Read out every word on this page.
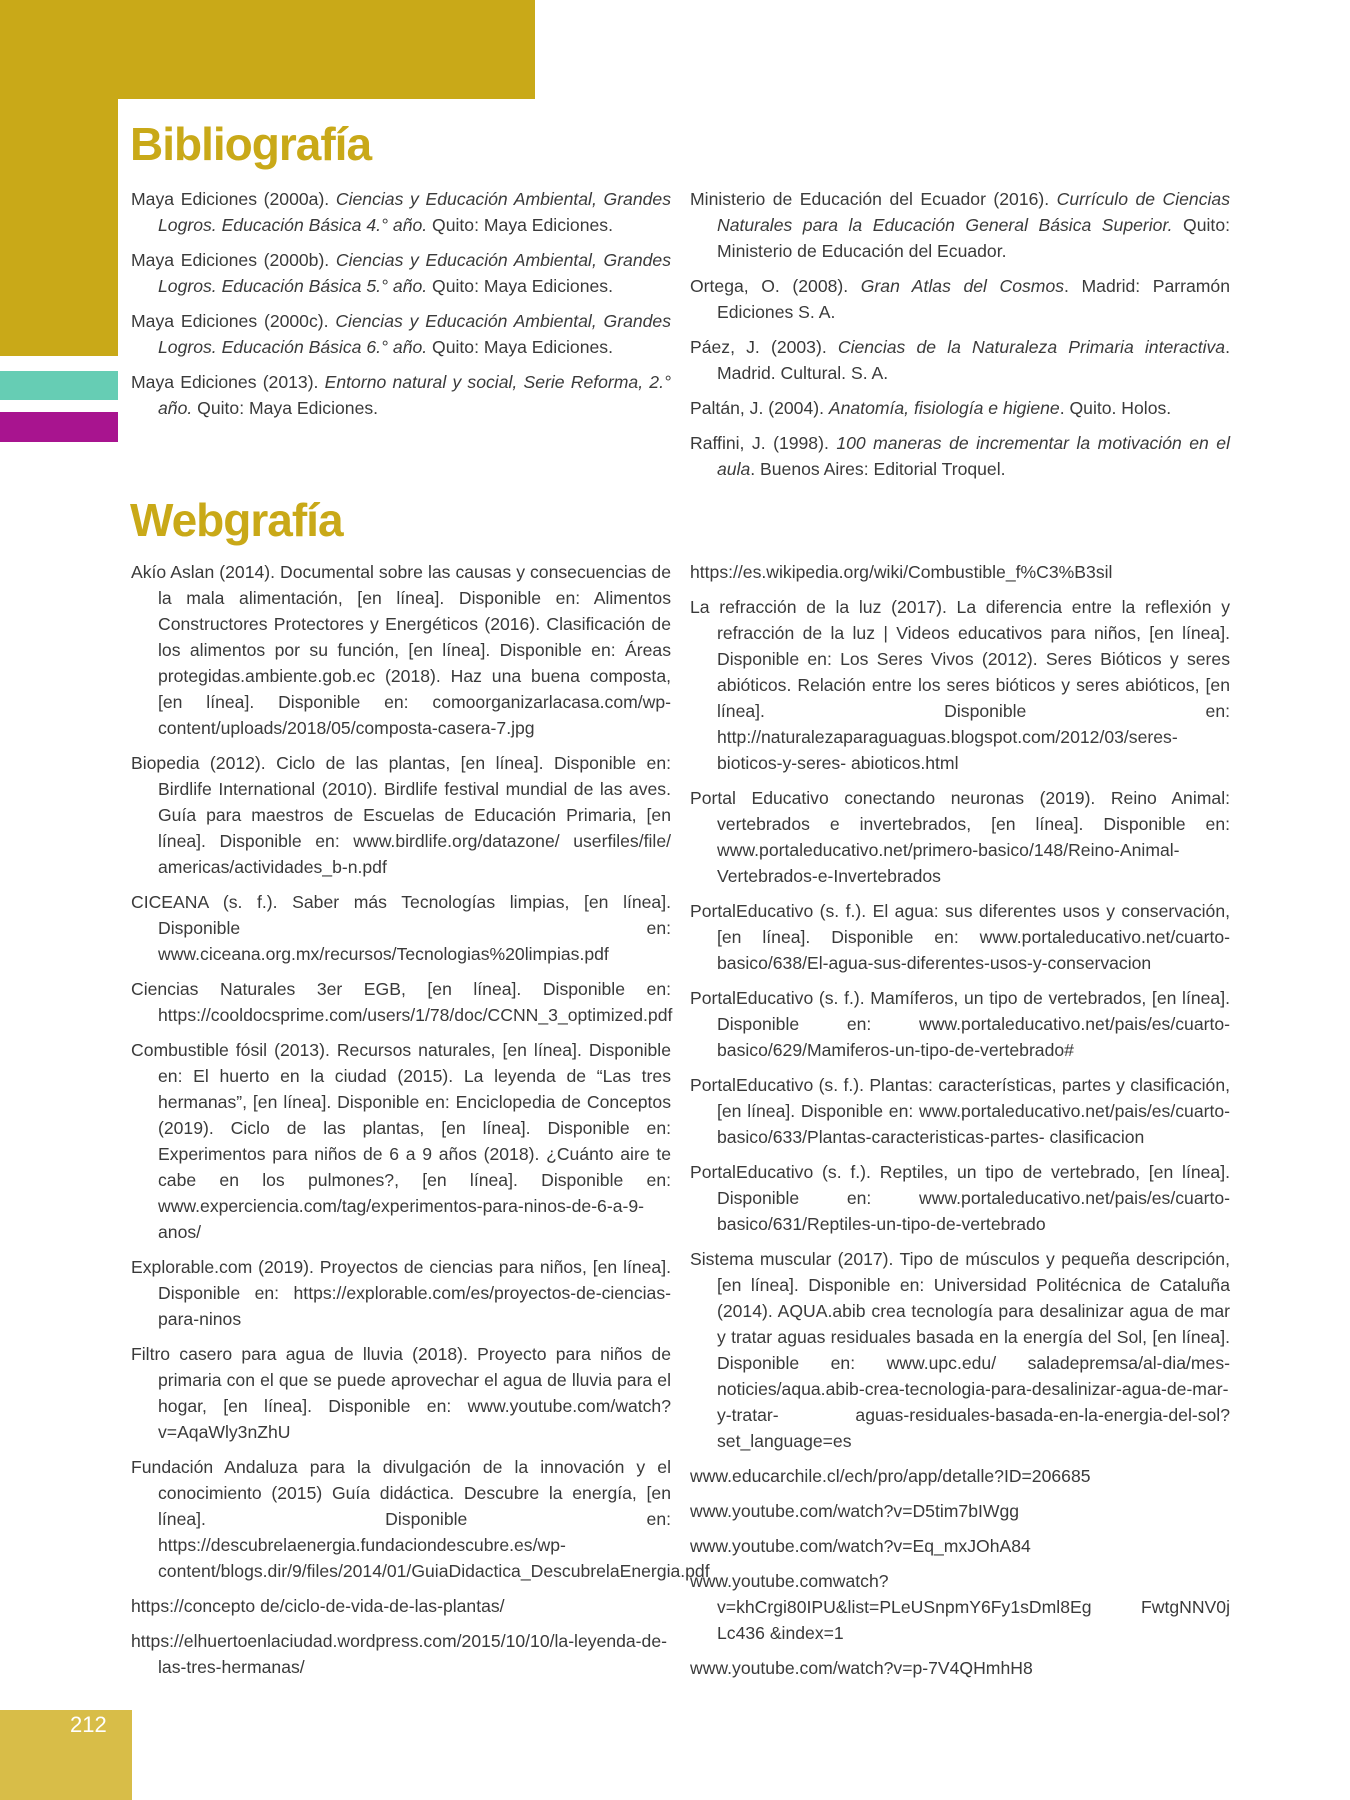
212
Bibliografía

Maya Ediciones (2000a). Ciencias y Educación Ambiental, Grandes Logros. Educación Básica 4.° año. Quito: Maya Ediciones.

Maya Ediciones (2000b). Ciencias y Educación Ambiental, Grandes Logros. Educación Básica 5.° año. Quito: Maya Ediciones.

Maya Ediciones (2000c). Ciencias y Educación Ambiental, Grandes Logros. Educación Básica 6.° año. Quito: Maya Ediciones.

Maya Ediciones (2013). Entorno natural y social, Serie Reforma, 2.° año. Quito: Maya Ediciones.

Ministerio de Educación del Ecuador (2016). Currículo de Ciencias Naturales para la Educación General Básica Superior. Quito: Ministerio de Educación del Ecuador.

Ortega, O. (2008). Gran Atlas del Cosmos. Madrid: Parramón Ediciones S. A.

Páez, J. (2003). Ciencias de la Naturaleza Primaria interactiva. Madrid. Cultural. S. A.

Paltán, J. (2004). Anatomía, fisiología e higiene. Quito. Holos.

Raffini, J. (1998). 100 maneras de incrementar la motivación en el aula. Buenos Aires: Editorial Troquel.

Webgrafía

Akío Aslan (2014). Documental sobre las causas y consecuencias de la mala alimentación, [en línea]. Disponible en: Alimentos Constructores Protectores y Energéticos (2016). Clasificación de los alimentos por su función, [en línea]. Disponible en: Áreas protegidas.ambiente.gob.ec (2018). Haz una buena composta, [en línea]. Disponible en: comoorganizarlacasa.com/wp-content/uploads/2018/05/composta-casera-7.jpg

Biopedia (2012). Ciclo de las plantas, [en línea]. Disponible en: Birdlife International (2010). Birdlife festival mundial de las aves. Guía para maestros de Escuelas de Educación Primaria, [en línea]. Disponible en: www.birdlife.org/datazone/ userfiles/file/ americas/actividades_b-n.pdf

CICEANA (s. f.). Saber más Tecnologías limpias, [en línea]. Disponible en: www.ciceana.org.mx/recursos/Tecnologias%20limpias.pdf

Ciencias Naturales 3er EGB, [en línea]. Disponible en: https://cooldocsprime.com/users/1/78/doc/CCNN_3_optimized.pdf

Combustible fósil (2013). Recursos naturales, [en línea]. Disponible en: El huerto en la ciudad (2015). La leyenda de “Las tres hermanas”, [en línea]. Disponible en: Enciclopedia de Conceptos (2019). Ciclo de las plantas, [en línea]. Disponible en: Experimentos para niños de 6 a 9 años (2018). ¿Cuánto aire te cabe en los pulmones?, [en línea]. Disponible en: www.experciencia.com/tag/experimentos-para-ninos-de-6-a-9-anos/

Explorable.com (2019). Proyectos de ciencias para niños, [en línea]. Disponible en: https://explorable.com/es/proyectos-de-ciencias-para-ninos

Filtro casero para agua de lluvia (2018). Proyecto para niños de primaria con el que se puede aprovechar el agua de lluvia para el hogar, [en línea]. Disponible en: www.youtube.com/watch?v=AqaWly3nZhU

Fundación Andaluza para la divulgación de la innovación y el conocimiento (2015) Guía didáctica. Descubre la energía, [en línea]. Disponible en: https://descubrelaenergia.fundaciondescubre.es/wp-content/blogs.dir/9/files/2014/01/GuiaDidactica_DescubrelaEnergia.pdf

https://concepto de/ciclo-de-vida-de-las-plantas/

https://elhuertoenlaciudad.wordpress.com/2015/10/10/la-leyenda-de-las-tres-hermanas/

https://es.wikipedia.org/wiki/Combustible_f%C3%B3sil

La refracción de la luz (2017). La diferencia entre la reflexión y refracción de la luz | Videos educativos para niños, [en línea]. Disponible en: Los Seres Vivos (2012). Seres Bióticos y seres abióticos. Relación entre los seres bióticos y seres abióticos, [en línea]. Disponible en: http://naturalezaparaguaguas.blogspot.com/2012/03/seres-bioticos-y-seres- abioticos.html

Portal Educativo conectando neuronas (2019). Reino Animal: vertebrados e invertebrados, [en línea]. Disponible en: www.portaleducativo.net/primero-basico/148/Reino-Animal-Vertebrados-e-Invertebrados

PortalEducativo (s. f.). El agua: sus diferentes usos y conservación, [en línea]. Disponible en: www.portaleducativo.net/cuarto-basico/638/El-agua-sus-diferentes-usos-y-conservacion

PortalEducativo (s. f.). Mamíferos, un tipo de vertebrados, [en línea]. Disponible en: www.portaleducativo.net/pais/es/cuarto-basico/629/Mamiferos-un-tipo-de-vertebrado#

PortalEducativo (s. f.). Plantas: características, partes y clasificación, [en línea]. Disponible en: www.portaleducativo.net/pais/es/cuarto-basico/633/Plantas-caracteristicas-partes- clasificacion

PortalEducativo (s. f.). Reptiles, un tipo de vertebrado, [en línea]. Disponible en: www.portaleducativo.net/pais/es/cuarto-basico/631/Reptiles-un-tipo-de-vertebrado

Sistema muscular (2017). Tipo de músculos y pequeña descripción, [en línea]. Disponible en: Universidad Politécnica de Cataluña (2014). AQUA.abib crea tecnología para desalinizar agua de mar y tratar aguas residuales basada en la energía del Sol, [en línea]. Disponible en: www.upc.edu/ saladepremsa/al-dia/mes-noticies/aqua.abib-crea-tecnologia-para-desalinizar-agua-de-mar-y-tratar- aguas-residuales-basada-en-la-energia-del-sol?set_language=es

www.educarchile.cl/ech/pro/app/detalle?ID=206685

www.youtube.com/watch?v=D5tim7bIWgg

www.youtube.com/watch?v=Eq_mxJOhA84

www.youtube.comwatch?v=khCrgi80IPU&list=PLeUSnpmY6Fy1sDml8Eg FwtgNNV0j Lc436 &index=1

www.youtube.com/watch?v=p-7V4QHmhH8
